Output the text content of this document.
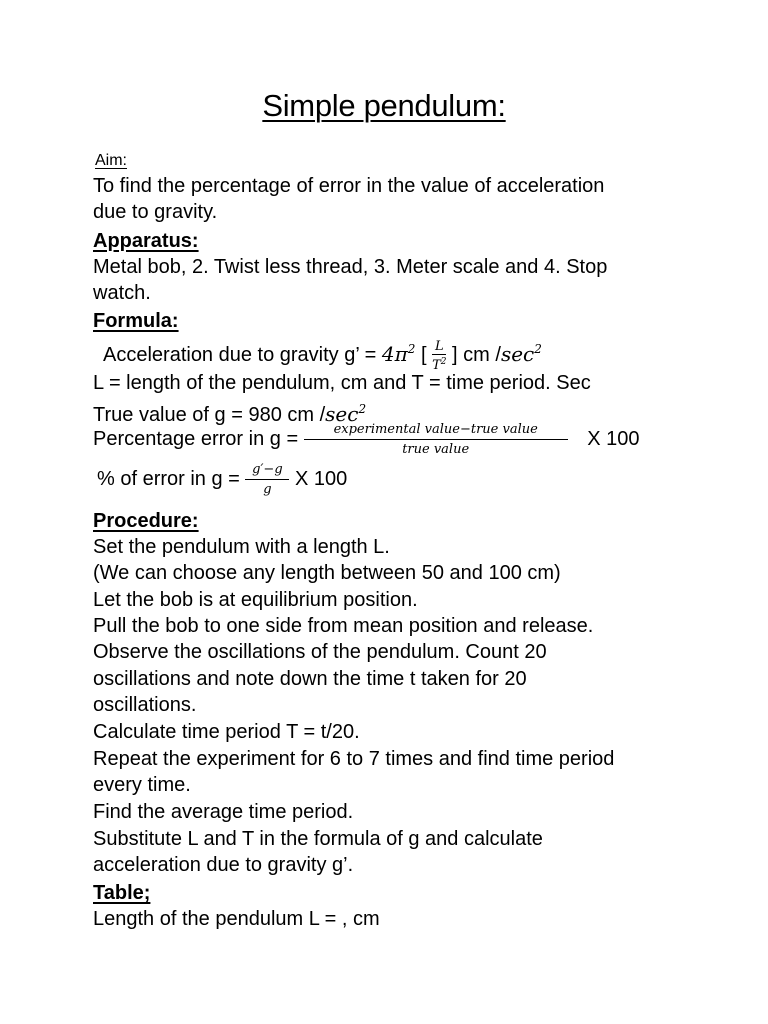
Simple pendulum:
Aim:
To find the percentage of error in the value of acceleration
due to gravity.
Apparatus:
Metal bob, 2. Twist less thread, 3. Meter scale and 4. Stop
watch.
Formula:
Acceleration due to gravity g’ = $4\pi^2$ [ $\frac{L}{T^2}$ ] cm $/\sec^2$
L = length of the pendulum, cm and T = time period. Sec
True value of g = 980 cm $/\sec^2$
Percentage error in $g = \frac{\text{experimental value−true value}}{\text{true value}}$ X 100
% of error in $g = \frac{g'-g}{g}$ X 100
Procedure:
Set the pendulum with a length L.
(We can choose any length between 50 and 100 cm)
Let the bob is at equilibrium position.
Pull the bob to one side from mean position and release.
Observe the oscillations of the pendulum. Count 20
oscillations and note down the time t taken for 20
oscillations.
Calculate time period T = t/20.
Repeat the experiment for 6 to 7 times and find time period
every time.
Find the average time period.
Substitute L and T in the formula of g and calculate
acceleration due to gravity g’.
Table;
Length of the pendulum L = , cm
